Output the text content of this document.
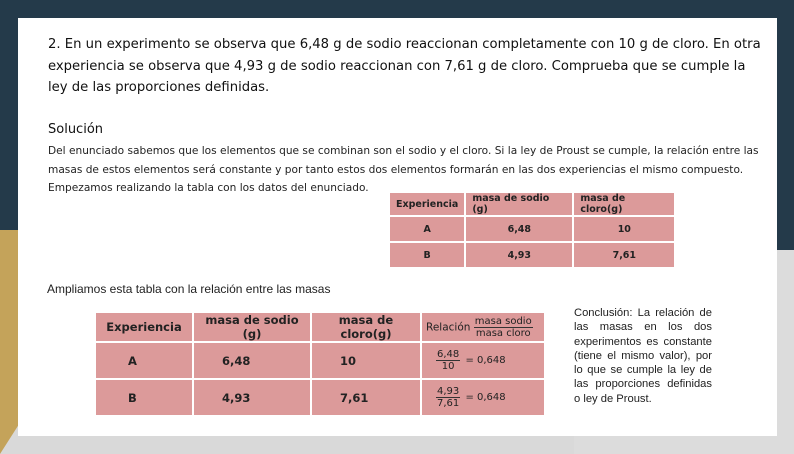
2. En un experimento se observa que 6,48 g de sodio reaccionan completamente con 10 g de cloro. En otra experiencia se observa que 4,93 g de sodio reaccionan con 7,61 g de cloro. Comprueba que se cumple la ley de las proporciones definidas.
Solución
Del enunciado sabemos que los elementos que se combinan son el sodio y el cloro. Si la ley de Proust se cumple, la relación entre las masas de estos elementos será constante y por tanto estos dos elementos formarán en las dos experiencias el mismo compuesto. Empezamos realizando la tabla con los datos del enunciado.
Experiencia	masa de sodio (g)	masa de cloro(g)
A	6,48	10
B	4,93	7,61
Ampliamos esta tabla con la relación entre las masas
Experiencia	masa de sodio (g)	masa de cloro(g)	Relación $\frac{\text{masa sodio}}{\text{masa cloro}}$

A	6,48	10	$\frac{6,48}{10} = 0,648$
B	4,93	7,61	$\frac{4,93}{7,61} = 0,648$
Conclusión: La relación de las masas en los dos experimentos es constante (tiene el mismo valor), por lo que se cumple la ley de las proporciones definidas o ley de Proust.
